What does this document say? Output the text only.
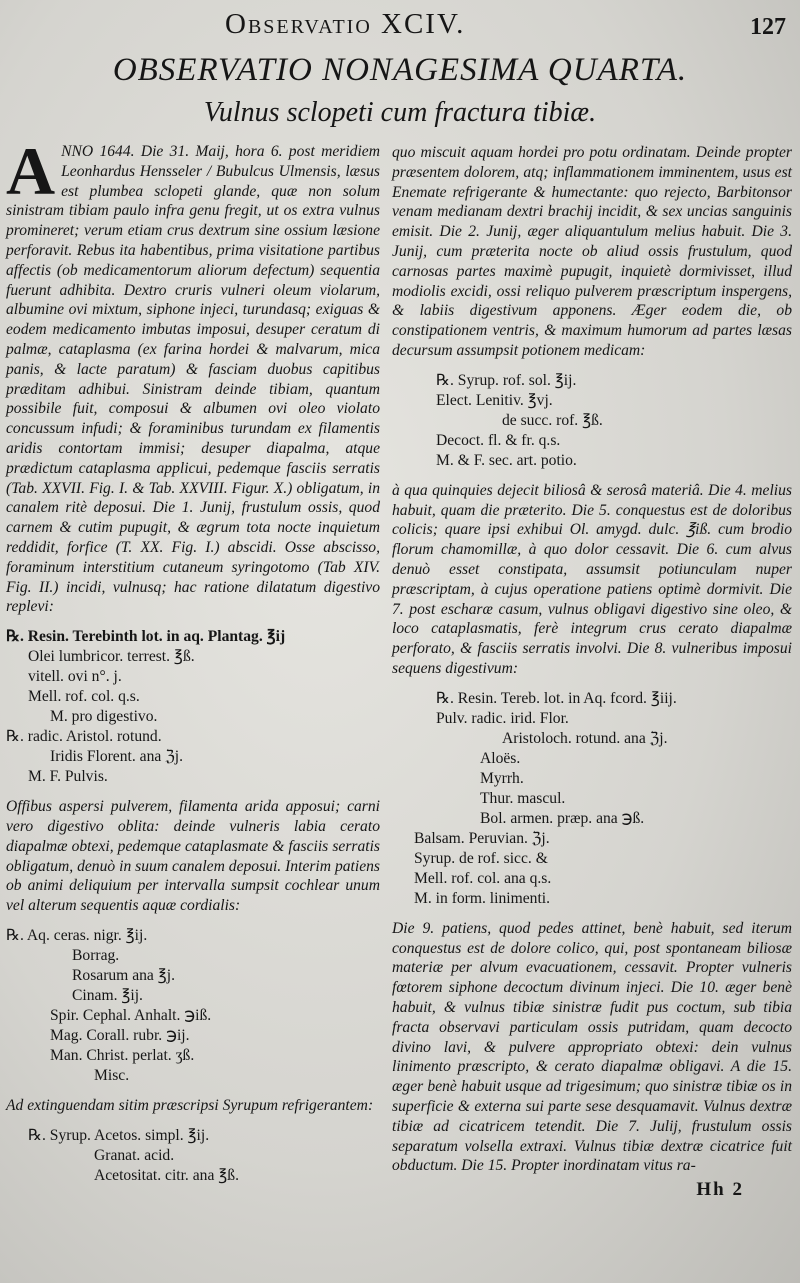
Observatio XCIV.	127
OBSERVATIO NONAGESIMA QUARTA.
Vulnus sclopeti cum fractura tibiæ.

ANNO 1644. Die 31. Maij, hora 6. post meridiem Leonhardus Hensseler / Bubulcus Ulmensis, læsus est plumbea sclopeti glande, quæ non solum sinistram tibiam paulo infra genu fregit, ut os extra vulnus promineret; verum etiam crus dextrum sine ossium læsione perforavit. Rebus ita habentibus, prima visitatione partibus affectis (ob medicamentorum aliorum defectum) sequentia fuerunt adhibita. Dextro cruris vulneri oleum violarum, albumine ovi mixtum, siphone injeci, turundasq; exiguas & eodem medicamento imbutas imposui, desuper ceratum di palmæ, cataplasma (ex farina hordei & malvarum, mica panis, & lacte paratum) & fasciam duobus capitibus præditam adhibui. Sinistram deinde tibiam, quantum possibile fuit, composui & albumen ovi oleo violato concussum infudi; & foraminibus turundam ex filamentis aridis contortam immisi; desuper diapalma, atque prædictum cataplasma applicui, pedemque fasciis serratis (Tab. XXVII. Fig. I. & Tab. XXVIII. Figur. X.) obligatum, in canalem ritè deposui. Die 1. Junij, frustulum ossis, quod carnem & cutim pupugit, & ægrum tota nocte inquietum reddidit, forfice (T. XX. Fig. I.) abscidi. Osse abscisso, foraminum interstitium cutaneum syringotomo (Tab XIV. Fig. II.) incidi, vulnusq; hac ratione dilatatum digestivo replevi:

℞. Resin. Terebinth lot. in aq. Plantag. ℥ij
Olei lumbricor. terrest. ℥ß.
vitell. ovi n°. j.
Mell. rof. col. q.s.
M. pro digestivo.
℞. radic. Aristol. rotund.
Iridis Florent. ana ℨj.
M. F. Pulvis.

Offibus aspersi pulverem, filamenta arida apposui; carni vero digestivo oblita: deinde vulneris labia cerato diapalmæ obtexi, pedemque cataplasmate & fasciis serratis obligatum, denuò in suum canalem deposui. Interim patiens ob animi deliquium per intervalla sumpsit cochlear unum vel alterum sequentis aquæ cordialis:

℞. Aq. ceras. nigr. ℥ij.
Borrag.
Rosarum ana ℥j.
Cinam. ℥ij.
Spir. Cephal. Anhalt. ℈iß.
Mag. Corall. rubr. ℈ij.
Man. Christ. perlat. ʒß.
Misc.

Ad extinguendam sitim præscripsi Syrupum refrigerantem:

℞. Syrup. Acetos. simpl. ℥ij.
Granat. acid.
Acetositat. citr. ana ℥ß.

quo miscuit aquam hordei pro potu ordinatam. Deinde propter præsentem dolorem, atq; inflammationem imminentem, usus est Enemate refrigerante & humectante: quo rejecto, Barbitonsor venam medianam dextri brachij incidit, & sex uncias sanguinis emisit. Die 2. Junij, æger aliquantulum melius habuit. Die 3. Junij, cum præterita nocte ob aliud ossis frustulum, quod carnosas partes maximè pupugit, inquietè dormivisset, illud modiolis excidi, ossi reliquo pulverem præscriptum inspergens, & labiis digestivum apponens. Æger eodem die, ob constipationem ventris, & maximum humorum ad partes læsas decursum assumpsit potionem medicam:

℞. Syrup. rof. sol. ℥ij.
Elect. Lenitiv. ℥vj.
de succ. rof. ℥ß.
Decoct. fl. & fr. q.s.
M. & F. sec. art. potio.

à qua quinquies dejecit biliosâ & serosâ materiâ. Die 4. melius habuit, quam die præterito. Die 5. conquestus est de doloribus colicis; quare ipsi exhibui Ol. amygd. dulc. ℥iß. cum brodio florum chamomillæ, à quo dolor cessavit. Die 6. cum alvus denuò esset constipata, assumsit potiunculam nuper præscriptam, à cujus operatione patiens optimè dormivit. Die 7. post escharæ casum, vulnus obligavi digestivo sine oleo, & loco cataplasmatis, ferè integrum crus cerato diapalmæ perforato, & fasciis serratis involvi. Die 8. vulneribus imposui sequens digestivum:

℞. Resin. Tereb. lot. in Aq. fcord. ℥iij.
Pulv. radic. irid. Flor.
Aristoloch. rotund. ana ℨj.
Aloës.
Myrrh.
Thur. mascul.
Bol. armen. præp. ana ℈ß.
Balsam. Peruvian. ℨj.
Syrup. de rof. sicc. &
Mell. rof. col. ana q.s.
M. in form. linimenti.

Die 9. patiens, quod pedes attinet, benè habuit, sed iterum conquestus est de dolore colico, qui, post spontaneam biliosæ materiæ per alvum evacuationem, cessavit. Propter vulneris fœtorem siphone decoctum divinum injeci. Die 10. æger benè habuit, & vulnus tibiæ sinistræ fudit pus coctum, sub tibia fracta observavi particulam ossis putridam, quam decocto divino lavi, & pulvere appropriato obtexi: dein vulnus linimento præscripto, & cerato diapalmæ obligavi. A die 15. æger benè habuit usque ad trigesimum; quo sinistræ tibiæ os in superficie & externa sui parte sese desquamavit. Vulnus dextræ tibiæ ad cicatricem tetendit. Die 7. Julij, frustulum ossis separatum volsella extraxi. Vulnus tibiæ dextræ cicatrice fuit obductum. Die 15. Propter inordinatam vitus ra-

Hh 2
